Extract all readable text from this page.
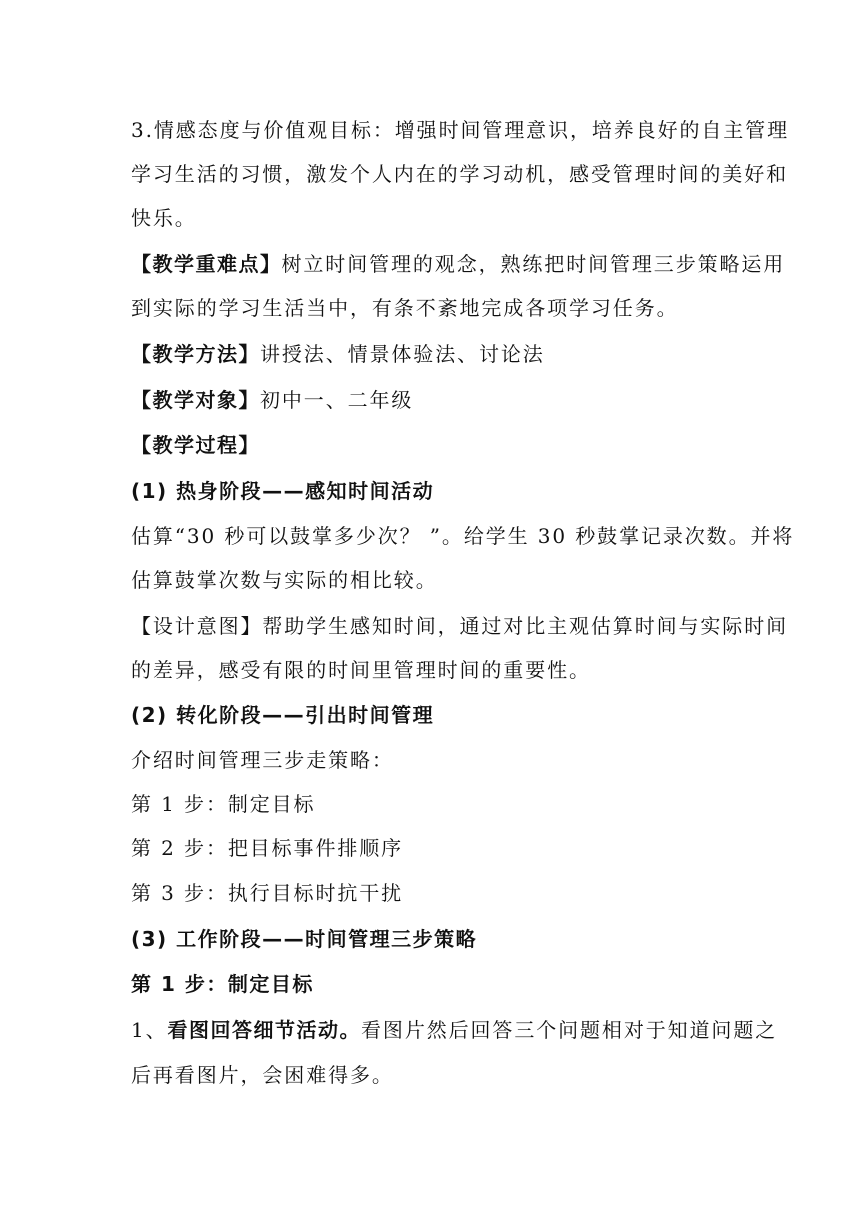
3.情感态度与价值观目标：增强时间管理意识，培养良好的自主管理
学习生活的习惯，激发个人内在的学习动机，感受管理时间的美好和
快乐。
【教学重难点】树立时间管理的观念，熟练把时间管理三步策略运用
到实际的学习生活当中，有条不紊地完成各项学习任务。
【教学方法】讲授法、情景体验法、讨论法
【教学对象】初中一、二年级
【教学过程】
(1) 热身阶段——感知时间活动
估算“30 秒可以鼓掌多少次？ ”。给学生 30 秒鼓掌记录次数。并将
估算鼓掌次数与实际的相比较。
【设计意图】帮助学生感知时间，通过对比主观估算时间与实际时间
的差异，感受有限的时间里管理时间的重要性。
(2) 转化阶段——引出时间管理
介绍时间管理三步走策略：
第 1 步：制定目标
第 2 步：把目标事件排顺序
第 3 步：执行目标时抗干扰
(3) 工作阶段——时间管理三步策略
第 1 步：制定目标
1、看图回答细节活动。看图片然后回答三个问题相对于知道问题之
后再看图片，会困难得多。
